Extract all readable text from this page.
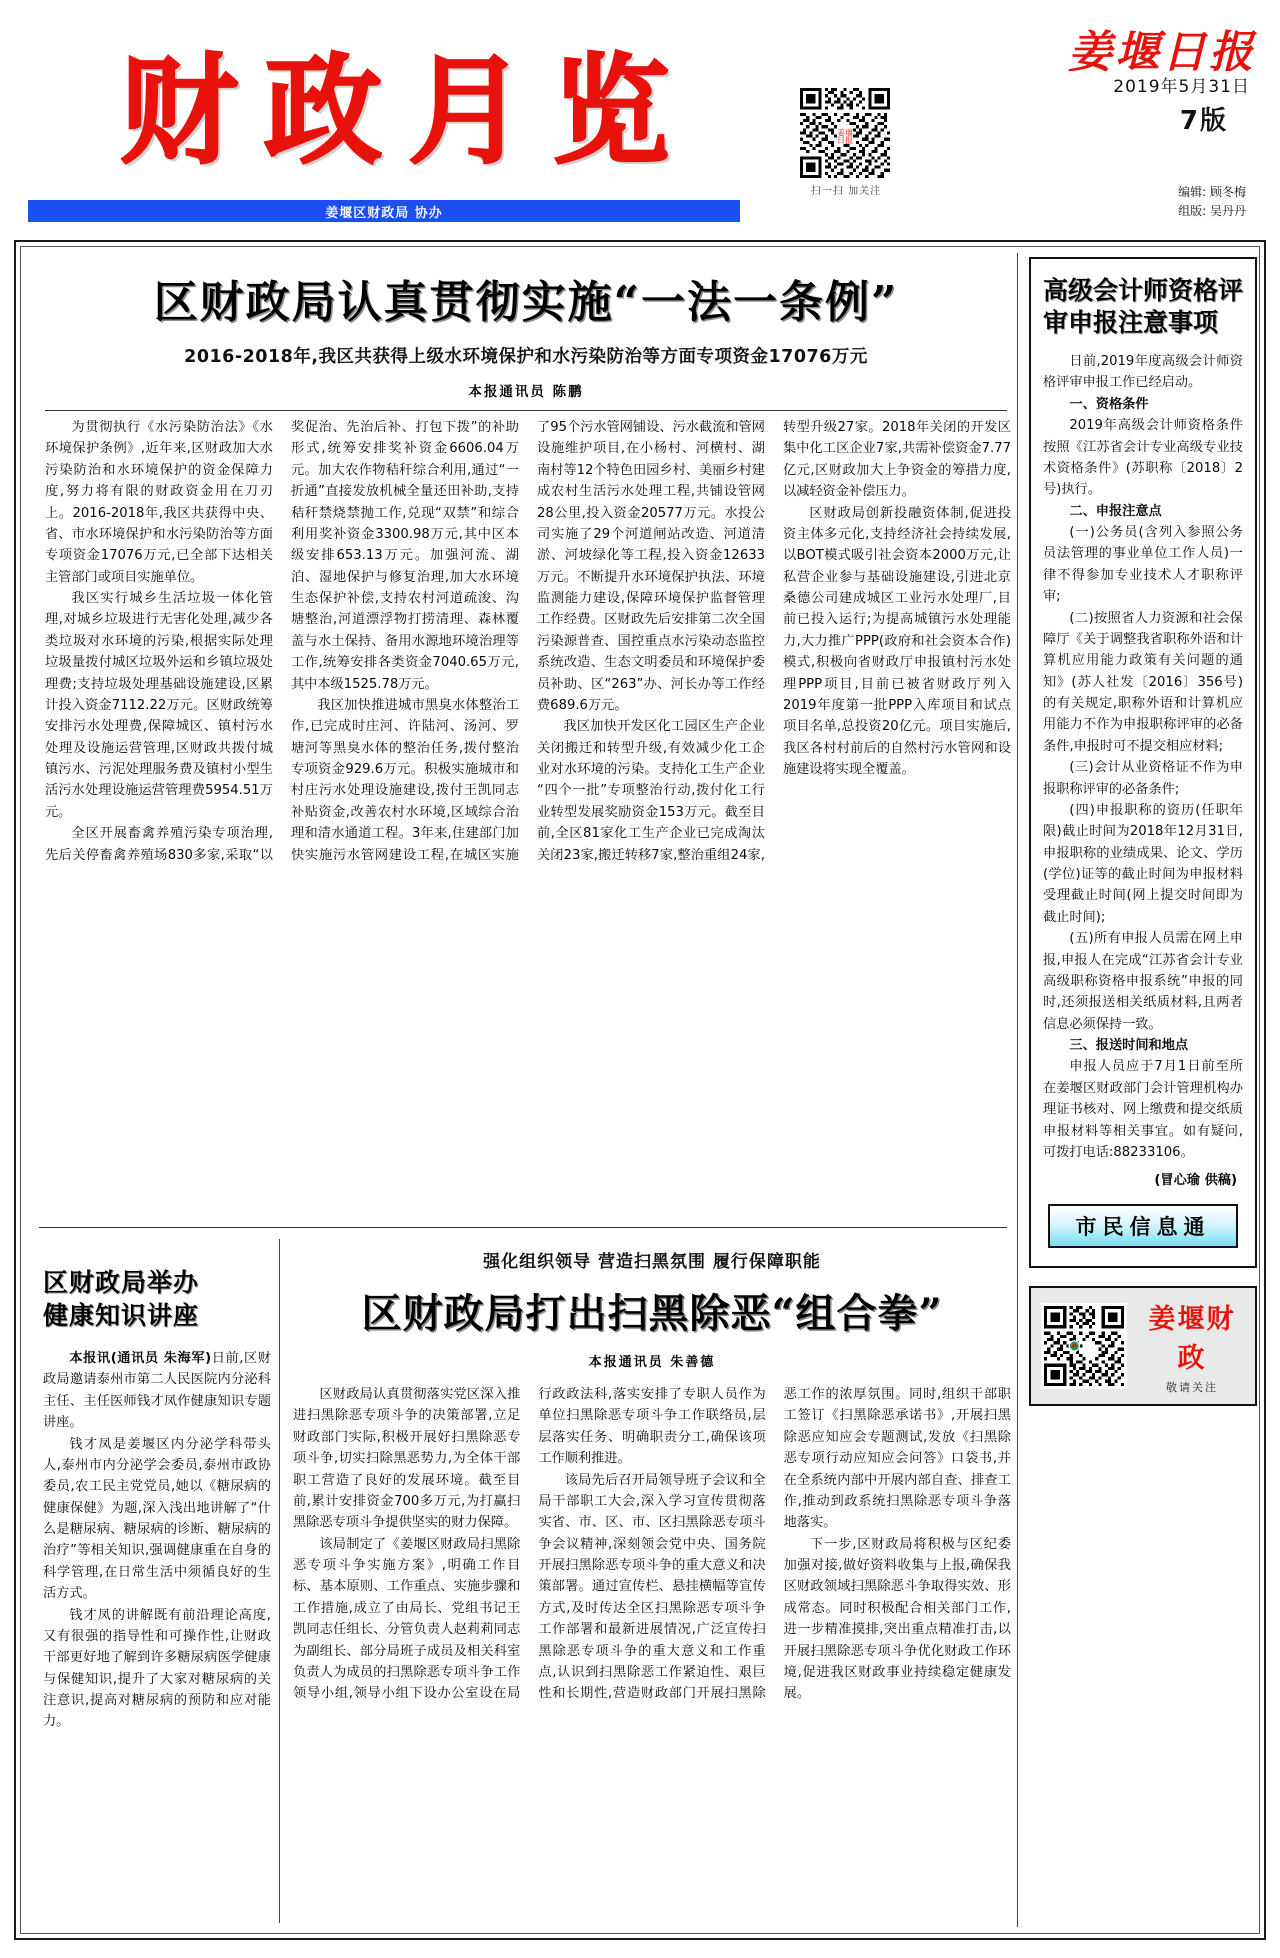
财政月览	姜堰
日报
扫一扫 加关注
姜堰日报
2019年5月31日
7版
编辑: 顾冬梅
组版: 吴丹丹
姜堰区财政局 协办
区财政局认真贯彻实施“一法一条例”
2016-2018年,我区共获得上级水环境保护和水污染防治等方面专项资金17076万元
本报通讯员 陈鹏

为贯彻执行《水污染防治法》《水环境保护条例》,近年来,区财政加大水污染防治和水环境保护的资金保障力度,努力将有限的财政资金用在刀刃上。2016-2018年,我区共获得中央、省、市水环境保护和水污染防治等方面专项资金17076万元,已全部下达相关主管部门或项目实施单位。

我区实行城乡生活垃圾一体化管理,对城乡垃圾进行无害化处理,减少各类垃圾对水环境的污染,根据实际处理垃圾量拨付城区垃圾外运和乡镇垃圾处理费;支持垃圾处理基础设施建设,区累计投入资金7112.22万元。区财政统筹安排污水处理费,保障城区、镇村污水处理及设施运营管理,区财政共拨付城镇污水、污泥处理服务费及镇村小型生活污水处理设施运营管理费5954.51万元。

全区开展畜禽养殖污染专项治理,先后关停畜禽养殖场830多家,采取“以奖促治、先治后补、打包下拨”的补助形式,统筹安排奖补资金6606.04万元。加大农作物秸秆综合利用,通过“一折通”直接发放机械全量还田补助,支持秸秆禁烧禁抛工作,兑现“双禁”和综合利用奖补资金3300.98万元,其中区本级安排653.13万元。加强河流、湖泊、湿地保护与修复治理,加大水环境生态保护补偿,支持农村河道疏浚、沟塘整治,河道漂浮物打捞清理、森林覆盖与水土保持、备用水源地环境治理等工作,统筹安排各类资金7040.65万元,其中本级1525.78万元。

我区加快推进城市黑臭水体整治工作,已完成时庄河、许陆河、汤河、罗塘河等黑臭水体的整治任务,拨付整治专项资金929.6万元。积极实施城市和村庄污水处理设施建设,拨付王凯同志补贴资金,改善农村水环境,区域综合治理和清水通道工程。3年来,住建部门加快实施污水管网建设工程,在城区实施了95个污水管网铺设、污水截流和管网设施维护项目,在小杨村、河横村、湖南村等12个特色田园乡村、美丽乡村建成农村生活污水处理工程,共铺设管网28公里,投入资金20577万元。水投公司实施了29个河道闸站改造、河道清淤、河坡绿化等工程,投入资金12633万元。不断提升水环境保护执法、环境监测能力建设,保障环境保护监督管理工作经费。区财政先后安排第二次全国污染源普查、国控重点水污染动态监控系统改造、生态文明委员和环境保护委员补助、区“263”办、河长办等工作经费689.6万元。

我区加快开发区化工园区生产企业关闭搬迁和转型升级,有效减少化工企业对水环境的污染。支持化工生产企业“四个一批”专项整治行动,拨付化工行业转型发展奖励资金153万元。截至目前,全区81家化工生产企业已完成淘汰关闭23家,搬迁转移7家,整治重组24家,转型升级27家。2018年关闭的开发区集中化工区企业7家,共需补偿资金7.77亿元,区财政加大上争资金的筹措力度,以减轻资金补偿压力。

区财政局创新投融资体制,促进投资主体多元化,支持经济社会持续发展,以BOT模式吸引社会资本2000万元,让私营企业参与基础设施建设,引进北京桑德公司建成城区工业污水处理厂,目前已投入运行;为提高城镇污水处理能力,大力推广PPP(政府和社会资本合作)模式,积极向省财政厅申报镇村污水处理PPP项目,目前已被省财政厅列入2019年度第一批PPP入库项目和试点项目名单,总投资20亿元。项目实施后,我区各村村前后的自然村污水管网和设施建设将实现全覆盖。

区财政局举办
健康知识讲座

本报讯(通讯员 朱海军)日前,区财政局邀请泰州市第二人民医院内分泌科主任、主任医师钱才凤作健康知识专题讲座。

钱才凤是姜堰区内分泌学科带头人,泰州市内分泌学会委员,泰州市政协委员,农工民主党党员,她以《糖尿病的健康保健》为题,深入浅出地讲解了“什么是糖尿病、糖尿病的诊断、糖尿病的治疗”等相关知识,强调健康重在自身的科学管理,在日常生活中须循良好的生活方式。

钱才凤的讲解既有前沿理论高度,又有很强的指导性和可操作性,让财政干部更好地了解到许多糖尿病医学健康与保健知识,提升了大家对糖尿病的关注意识,提高对糖尿病的预防和应对能力。

强化组织领导 营造扫黑氛围 履行保障职能
区财政局打出扫黑除恶“组合拳”
本报通讯员 朱善德

区财政局认真贯彻落实党区深入推进扫黑除恶专项斗争的决策部署,立足财政部门实际,积极开展好扫黑除恶专项斗争,切实扫除黑恶势力,为全体干部职工营造了良好的发展环境。截至目前,累计安排资金700多万元,为打赢扫黑除恶专项斗争提供坚实的财力保障。

该局制定了《姜堰区财政局扫黑除恶专项斗争实施方案》,明确工作目标、基本原则、工作重点、实施步骤和工作措施,成立了由局长、党组书记王凯同志任组长、分管负责人赵莉莉同志为副组长、部分局班子成员及相关科室负责人为成员的扫黑除恶专项斗争工作领导小组,领导小组下设办公室设在局行政政法科,落实安排了专职人员作为单位扫黑除恶专项斗争工作联络员,层层落实任务、明确职责分工,确保该项工作顺利推进。

该局先后召开局领导班子会议和全局干部职工大会,深入学习宣传贯彻落实省、市、区、市、区扫黑除恶专项斗争会议精神,深刻领会党中央、国务院开展扫黑除恶专项斗争的重大意义和决策部署。通过宣传栏、悬挂横幅等宣传方式,及时传达全区扫黑除恶专项斗争工作部署和最新进展情况,广泛宣传扫黑除恶专项斗争的重大意义和工作重点,认识到扫黑除恶工作紧迫性、艰巨性和长期性,营造财政部门开展扫黑除恶工作的浓厚氛围。同时,组织干部职工签订《扫黑除恶承诺书》,开展扫黑除恶应知应会专题测试,发放《扫黑除恶专项行动应知应会问答》口袋书,并在全系统内部中开展内部自查、排查工作,推动到政系统扫黑除恶专项斗争落地落实。

下一步,区财政局将积极与区纪委加强对接,做好资料收集与上报,确保我区财政领域扫黑除恶斗争取得实效、形成常态。同时积极配合相关部门工作,进一步精准摸排,突出重点精准打击,以开展扫黑除恶专项斗争优化财政工作环境,促进我区财政事业持续稳定健康发展。

高级会计师资格评审申报注意事项

日前,2019年度高级会计师资格评审申报工作已经启动。

一、资格条件

2019年高级会计师资格条件按照《江苏省会计专业高级专业技术资格条件》(苏职称〔2018〕2号)执行。

二、申报注意点

(一)公务员(含列入参照公务员法管理的事业单位工作人员)一律不得参加专业技术人才职称评审;

(二)按照省人力资源和社会保障厅《关于调整我省职称外语和计算机应用能力政策有关问题的通知》(苏人社发〔2016〕356号)的有关规定,职称外语和计算机应用能力不作为申报职称评审的必备条件,申报时可不提交相应材料;

(三)会计从业资格证不作为申报职称评审的必备条件;

(四)申报职称的资历(任职年限)截止时间为2018年12月31日,申报职称的业绩成果、论文、学历(学位)证等的截止时间为申报材料受理截止时间(网上提交时间即为截止时间);

(五)所有申报人员需在网上申报,申报人在完成“江苏省会计专业高级职称资格申报系统”申报的同时,还须报送相关纸质材料,且两者信息必须保持一致。

三、报送时间和地点

申报人员应于7月1日前至所在姜堰区财政部门会计管理机构办理证书核对、网上缴费和提交纸质申报材料等相关事宜。如有疑问,可拨打电话:88233106。

(冒心瑜 供稿)
市民信息通
姜堰财政
敬请关注
